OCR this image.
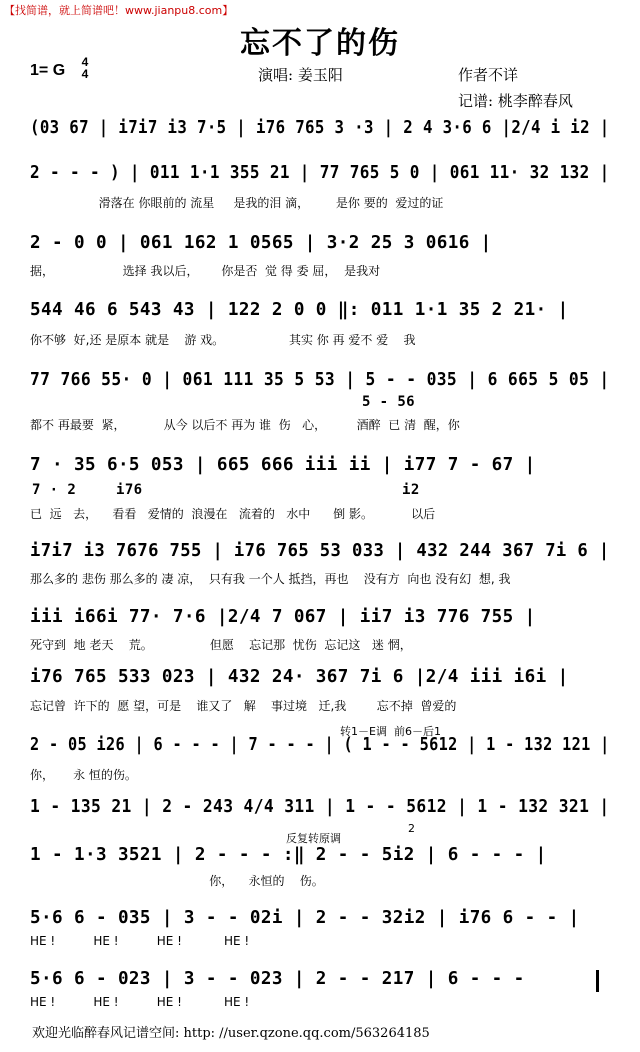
【找简谱，就上简谱吧！www.jianpu8.com】
忘不了的伤
1= G	4
4	演唱: 姜玉阳	作者不详
记谱: 桃李醉春风
(03 67 | i7i7 i3 7·5 | i76 765 3 ·3 | 2 4 3·6 6 |2/4 i i2 |
2 - - - ) | 011 1·1 355 21 | 77 765 5 0 | 061 11· 32 132 |
滑落在 你眼前的 流星     是我的泪 滴，       是你 要的  爱过的证
2 - 0 0 | 061 162 1 0565 | 3·2 25 3 0616 |
据，                  选择 我以后，      你是否  觉 得 委 屈，  是我对
544 46 6 543 43 | 122 2 0 0 ‖: 011 1·1 35 2 21· |
你不够  好,还 是原本 就是    游 戏。                 其实 你 再 爱不 爱    我
77 766 55· 0 | 061 111 35 5 53 | 5 - - 035 | 6 665 5 05 |
5 - 56
都不 再最要  紧，          从今 以后不 再为 谁  伤   心，        酒醉  已 清  醒，你
7 · 35 6·5 053 | 665 666 iii ii | i77 7 - 67 |
7 · 2	i76	i2
已  远   去，    看看   爱情的  浪漫在   流着的   水中      倒 影。          以后
i7i7 i3 7676 755 | i76 765 53 033 | 432 244 367 7i 6 |
那么多的 悲伤 那么多的 凄 凉，  只有我 一个人 抵挡，再也    没有方  向也 没有幻  想, 我
iii i66i 77· 7·6 |2/4 7 067 | ii7 i3 776 755 |
死守到  地 老天    荒。               但愿    忘记那  忧伤  忘记这   迷 惘，
i76 765 533 023 | 432 24· 367 7i 6 |2/4 iii i6i |
忘记曾  许下的  愿 望，可是    谁又了   解    事过境   迁,我        忘不掉  曾爱的
转1－E调  前6－后1
2 - 05 i26 | 6 - - - | 7 - - - | ( 1 - - 5612 | 1 - 132 121 |
你，     永 恒的伤。
1 - 135 21 | 2 - 243 4/4 311 | 1 - - 5612 | 1 - 132 321 |
反复转原调
2
1 - 1·3 3521 | 2 - - - :‖ 2 - - 5i2 | 6 - - - |
你，    永恒的    伤。
5·6 6 - 035 | 3 - - 02i | 2 - - 32i2 | i76 6 - - |
HE !          HE !          HE !           HE !
5·6 6 - 023 | 3 - - 023 | 2 - - 217 | 6 - - -
HE !          HE !          HE !           HE !
欢迎光临醉春风记谱空间: http: //user.qzone.qq.com/563264185
